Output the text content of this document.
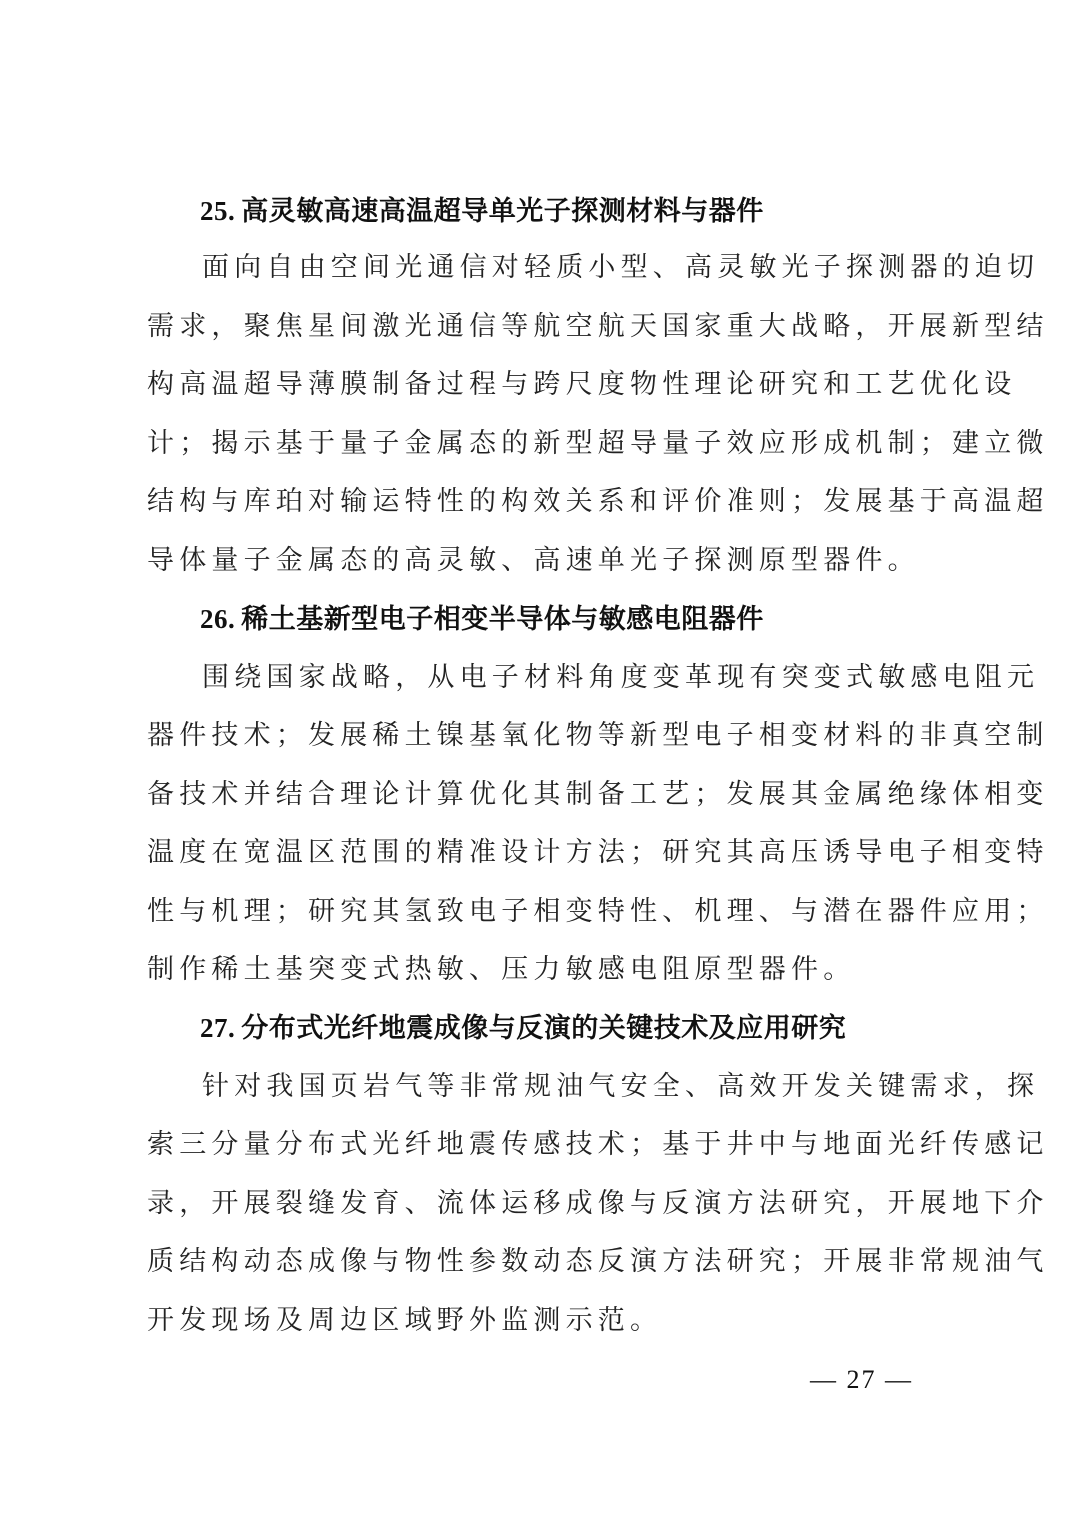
25. 高灵敏高速高温超导单光子探测材料与器件
面向自由空间光通信对轻质小型、高灵敏光子探测器的迫切
需求，聚焦星间激光通信等航空航天国家重大战略，开展新型结
构高温超导薄膜制备过程与跨尺度物性理论研究和工艺优化设
计；揭示基于量子金属态的新型超导量子效应形成机制；建立微
结构与库珀对输运特性的构效关系和评价准则；发展基于高温超
导体量子金属态的高灵敏、高速单光子探测原型器件。
26. 稀土基新型电子相变半导体与敏感电阻器件
围绕国家战略，从电子材料角度变革现有突变式敏感电阻元
器件技术；发展稀土镍基氧化物等新型电子相变材料的非真空制
备技术并结合理论计算优化其制备工艺；发展其金属绝缘体相变
温度在宽温区范围的精准设计方法；研究其高压诱导电子相变特
性与机理；研究其氢致电子相变特性、机理、与潜在器件应用；
制作稀土基突变式热敏、压力敏感电阻原型器件。
27. 分布式光纤地震成像与反演的关键技术及应用研究
针对我国页岩气等非常规油气安全、高效开发关键需求，探
索三分量分布式光纤地震传感技术；基于井中与地面光纤传感记
录，开展裂缝发育、流体运移成像与反演方法研究，开展地下介
质结构动态成像与物性参数动态反演方法研究；开展非常规油气
开发现场及周边区域野外监测示范。
— 27 —
